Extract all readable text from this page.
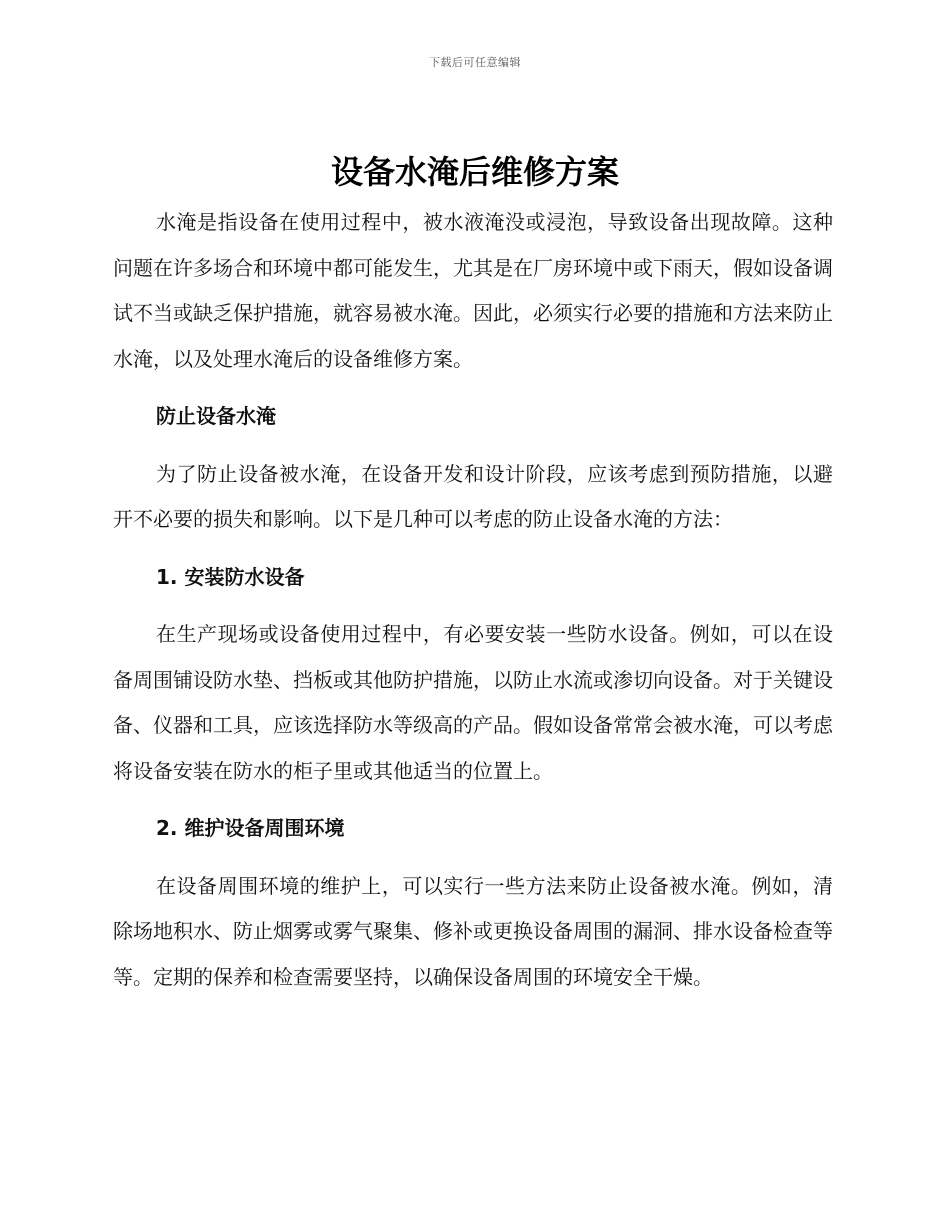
下载后可任意编辑
设备水淹后维修方案

水淹是指设备在使用过程中，被水液淹没或浸泡，导致设备出现故障。这种问题在许多场合和环境中都可能发生，尤其是在厂房环境中或下雨天，假如设备调试不当或缺乏保护措施，就容易被水淹。因此，必须实行必要的措施和方法来防止水淹，以及处理水淹后的设备维修方案。

防止设备水淹

为了防止设备被水淹，在设备开发和设计阶段，应该考虑到预防措施，以避开不必要的损失和影响。以下是几种可以考虑的防止设备水淹的方法：

1. 安装防水设备

在生产现场或设备使用过程中，有必要安装一些防水设备。例如，可以在设备周围铺设防水垫、挡板或其他防护措施，以防止水流或渗切向设备。对于关键设备、仪器和工具，应该选择防水等级高的产品。假如设备常常会被水淹，可以考虑将设备安装在防水的柜子里或其他适当的位置上。

2. 维护设备周围环境

在设备周围环境的维护上，可以实行一些方法来防止设备被水淹。例如，清除场地积水、防止烟雾或雾气聚集、修补或更换设备周围的漏洞、排水设备检查等等。定期的保养和检查需要坚持，以确保设备周围的环境安全干燥。
